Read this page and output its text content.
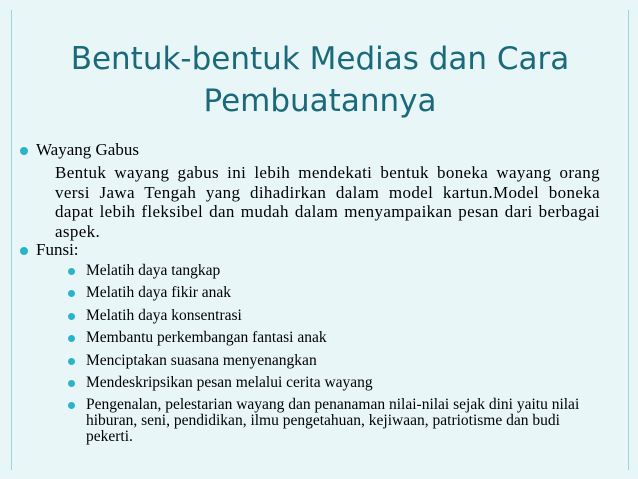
Bentuk-bentuk Medias dan Cara Pembuatannya
Wayang Gabus
Bentuk wayang gabus ini lebih mendekati bentuk boneka wayang orang versi Jawa Tengah yang dihadirkan dalam model kartun.Model boneka dapat lebih fleksibel dan mudah dalam menyampaikan pesan dari berbagai aspek.
Funsi:
Melatih daya tangkap
Melatih daya fikir anak
Melatih daya konsentrasi
Membantu perkembangan fantasi anak
Menciptakan suasana menyenangkan
Mendeskripsikan pesan melalui cerita wayang
Pengenalan, pelestarian wayang dan penanaman nilai-nilai sejak dini yaitu nilai hiburan, seni, pendidikan, ilmu pengetahuan, kejiwaan, patriotisme dan budi pekerti.
